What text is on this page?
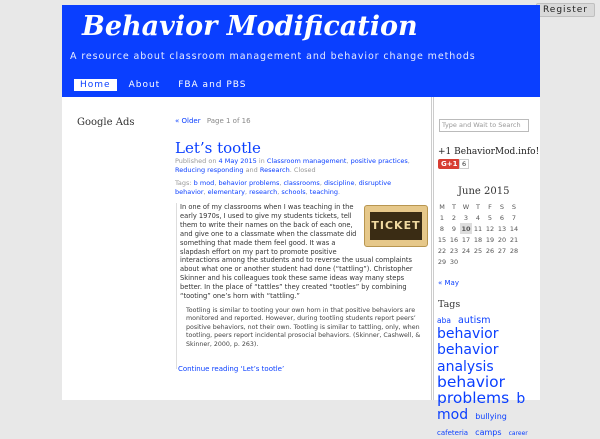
Register
Behavior Modification
A resource about classroom management and behavior change methods
Home	About	FBA and PBS
Google Ads	« Older Page 1 of 16
Let’s tootle
Published on 4 May 2015 in Classroom management, positive practices, Reducing responding and Research. Closed
Tags: b mod, behavior problems, classrooms, discipline, disruptive behavior, elementary, research, schools, teaching.
TICKET

In one of my classrooms when I was teaching in the early 1970s, I used to give my students tickets, tell them to write their names on the back of each one, and give one to a classmate when the classmate did something that made them feel good. It was a slapdash effort on my part to promote positive interactions among the students and to reverse the usual complaints about what one or another student had done (“tattling”). Christopher Skinner and his colleagues took these same ideas way many steps better. In the place of “tattles” they created “tootles” by combining “tooting” one’s horn with “tattling.”

Tootling is similar to tooting your own horn in that positive behaviors are monitored and reported. However, during tootling students report peers’ positive behaviors, not their own. Tootling is similar to tattling, only, when tootling, peers report incidental prosocial behaviors. (Skinner, Cashwell, & Skinner, 2000, p. 263).
Continue reading ‘Let’s tootle’
Type and Wait to Search
+1 BehaviorMod.info!
G+1 6
June 2015
M	T	W	T	F	S	S
1	2	3	4	5	6	7
8	9	10	11	12	13	14
15	16	17	18	19	20	21
22	23	24	25	26	27	28
29	30					
« May
Tags
aba autism behavior behavior analysis behavior problems b mod bullying cafeteria camps career
